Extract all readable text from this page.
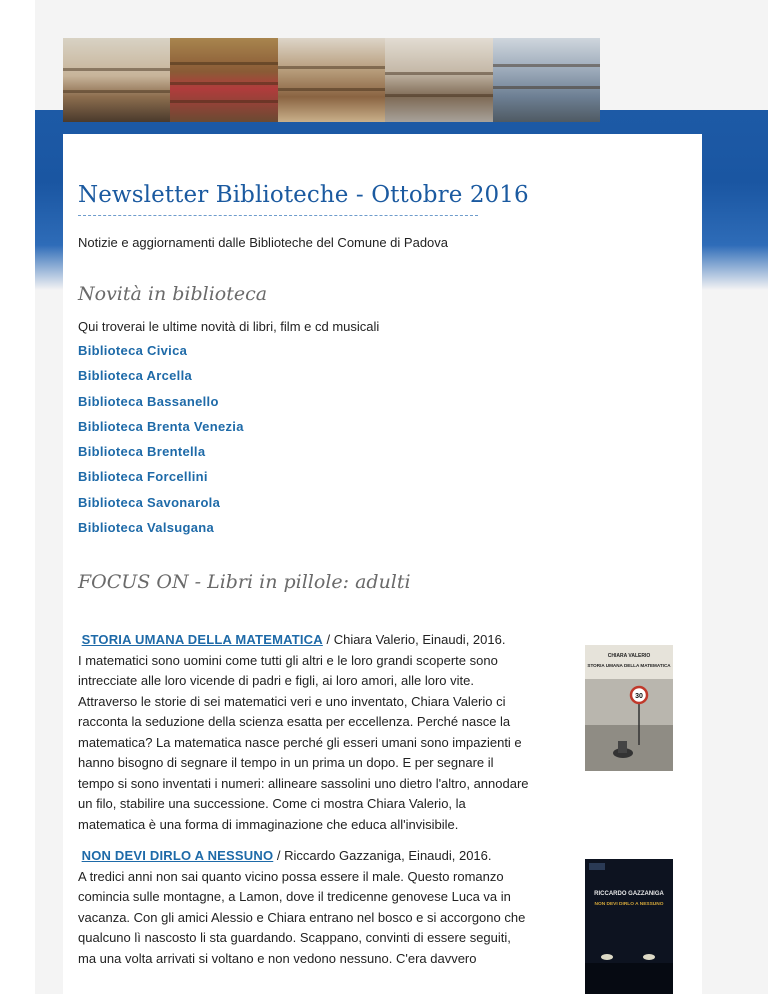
Newsletter Biblioteche - Ottobre 2016
Notizie e aggiornamenti dalle Biblioteche del Comune di Padova
Novità in biblioteca
Qui troverai le ultime novità di libri, film e cd musicali
Biblioteca Civica
Biblioteca Arcella
Biblioteca Bassanello
Biblioteca Brenta Venezia
Biblioteca Brentella
Biblioteca Forcellini
Biblioteca Savonarola
Biblioteca Valsugana
FOCUS ON - Libri in pillole: adulti
STORIA UMANA DELLA MATEMATICA / Chiara Valerio, Einaudi, 2016.
I matematici sono uomini come tutti gli altri e le loro grandi scoperte sono
intrecciate alle loro vicende di padri e figli, ai loro amori, alle loro vite.
Attraverso le storie di sei matematici veri e uno inventato, Chiara Valerio ci
racconta la seduzione della scienza esatta per eccellenza. Perché nasce la
matematica? La matematica nasce perché gli esseri umani sono impazienti e
hanno bisogno di segnare il tempo in un prima un dopo. E per segnare il
tempo si sono inventati i numeri: allineare sassolini uno dietro l'altro, annodare
un filo, stabilire una successione. Come ci mostra Chiara Valerio, la
matematica è una forma di immaginazione che educa all'invisibile.
CHIARA VALERIO
STORIA UMANA DELLA MATEMATICA
30
NON DEVI DIRLO A NESSUNO / Riccardo Gazzaniga, Einaudi, 2016.
A tredici anni non sai quanto vicino possa essere il male. Questo romanzo
comincia sulle montagne, a Lamon, dove il tredicenne genovese Luca va in
vacanza. Con gli amici Alessio e Chiara entrano nel bosco e si accorgono che
qualcuno lì nascosto li sta guardando. Scappano, convinti di essere seguiti,
ma una volta arrivati si voltano e non vedono nessuno. C'era davvero
RICCARDO GAZZANIGA
NON DEVI DIRLO A NESSUNO
